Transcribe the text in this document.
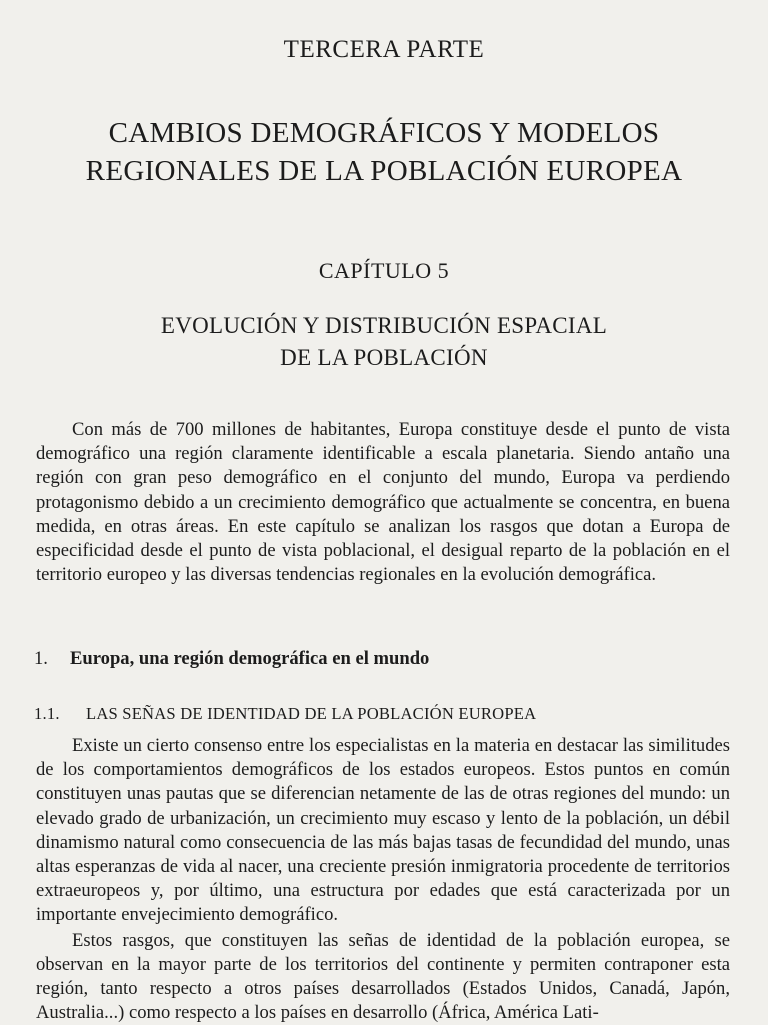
TERCERA PARTE
CAMBIOS DEMOGRÁFICOS Y MODELOS
REGIONALES DE LA POBLACIÓN EUROPEA
CAPÍTULO 5
EVOLUCIÓN Y DISTRIBUCIÓN ESPACIAL
DE LA POBLACIÓN

Con más de 700 millones de habitantes, Europa constituye desde el punto de vista demográfico una región claramente identificable a escala planetaria. Siendo antaño una región con gran peso demográfico en el conjunto del mundo, Europa va perdiendo protagonismo debido a un crecimiento demográfico que actualmente se concentra, en buena medida, en otras áreas. En este capítulo se analizan los rasgos que dotan a Europa de especificidad desde el punto de vista poblacional, el desigual reparto de la población en el territorio europeo y las diversas tendencias regionales en la evolución demográfica.

1. Europa, una región demográfica en el mundo
1.1. LAS SEÑAS DE IDENTIDAD DE LA POBLACIÓN EUROPEA

Existe un cierto consenso entre los especialistas en la materia en destacar las similitudes de los comportamientos demográficos de los estados europeos. Estos puntos en común constituyen unas pautas que se diferencian netamente de las de otras regiones del mundo: un elevado grado de urbanización, un crecimiento muy escaso y lento de la población, un débil dinamismo natural como consecuencia de las más bajas tasas de fecundidad del mundo, unas altas esperanzas de vida al nacer, una creciente presión inmigratoria procedente de territorios extraeuropeos y, por último, una estructura por edades que está caracterizada por un importante envejecimiento demográfico.

Estos rasgos, que constituyen las señas de identidad de la población europea, se observan en la mayor parte de los territorios del continente y permiten contraponer esta región, tanto respecto a otros países desarrollados (Estados Unidos, Canadá, Japón, Australia...) como respecto a los países en desarrollo (África, América Lati-
